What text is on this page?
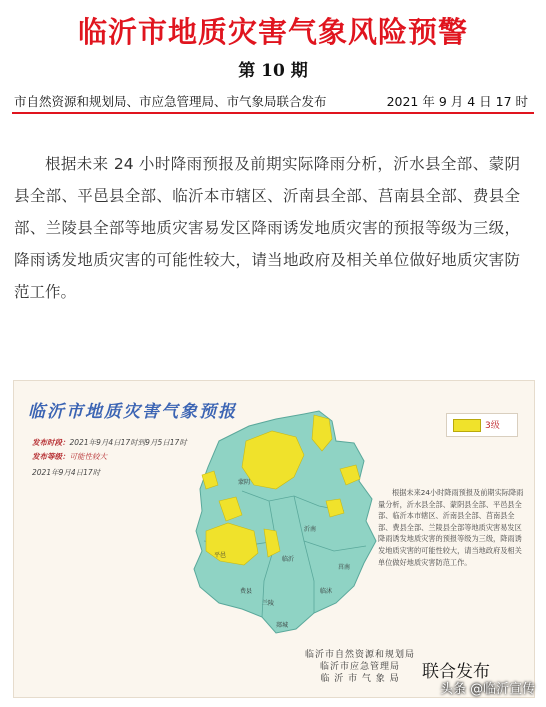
临沂市地质灾害气象风险预警
第 10 期
市自然资源和规划局、市应急管理局、市气象局联合发布	2021 年 9 月 4 日 17 时
根据未来 24 小时降雨预报及前期实际降雨分析，沂水县全部、蒙阴县全部、平邑县全部、临沂本市辖区、沂南县全部、莒南县全部、费县全部、兰陵县全部等地质灾害易发区降雨诱发地质灾害的预报等级为三级，降雨诱发地质灾害的可能性较大，请当地政府及相关单位做好地质灾害防范工作。
蒙阴
平邑
费县
沂南
临沂
兰陵
郯城
莒南
临沭
临沂市地质灾害气象预报
发布时段：2021年9月4日17时到9月5日17时
发布等级：可能性较大
2021年9月4日17时
3级
根据未来24小时降雨预报及前期实际降雨量分析，沂水县全部、蒙阴县全部、平邑县全部、临沂本市辖区、沂南县全部、莒南县全部、费县全部、兰陵县全部等地质灾害易发区降雨诱发地质灾害的预报等级为三级，降雨诱发地质灾害的可能性较大，请当地政府及相关单位做好地质灾害防范工作。
临沂市自然资源和规划局
临沂市应急管理局
临 沂 市 气 象 局	联合发布
头条 @临沂宣传
